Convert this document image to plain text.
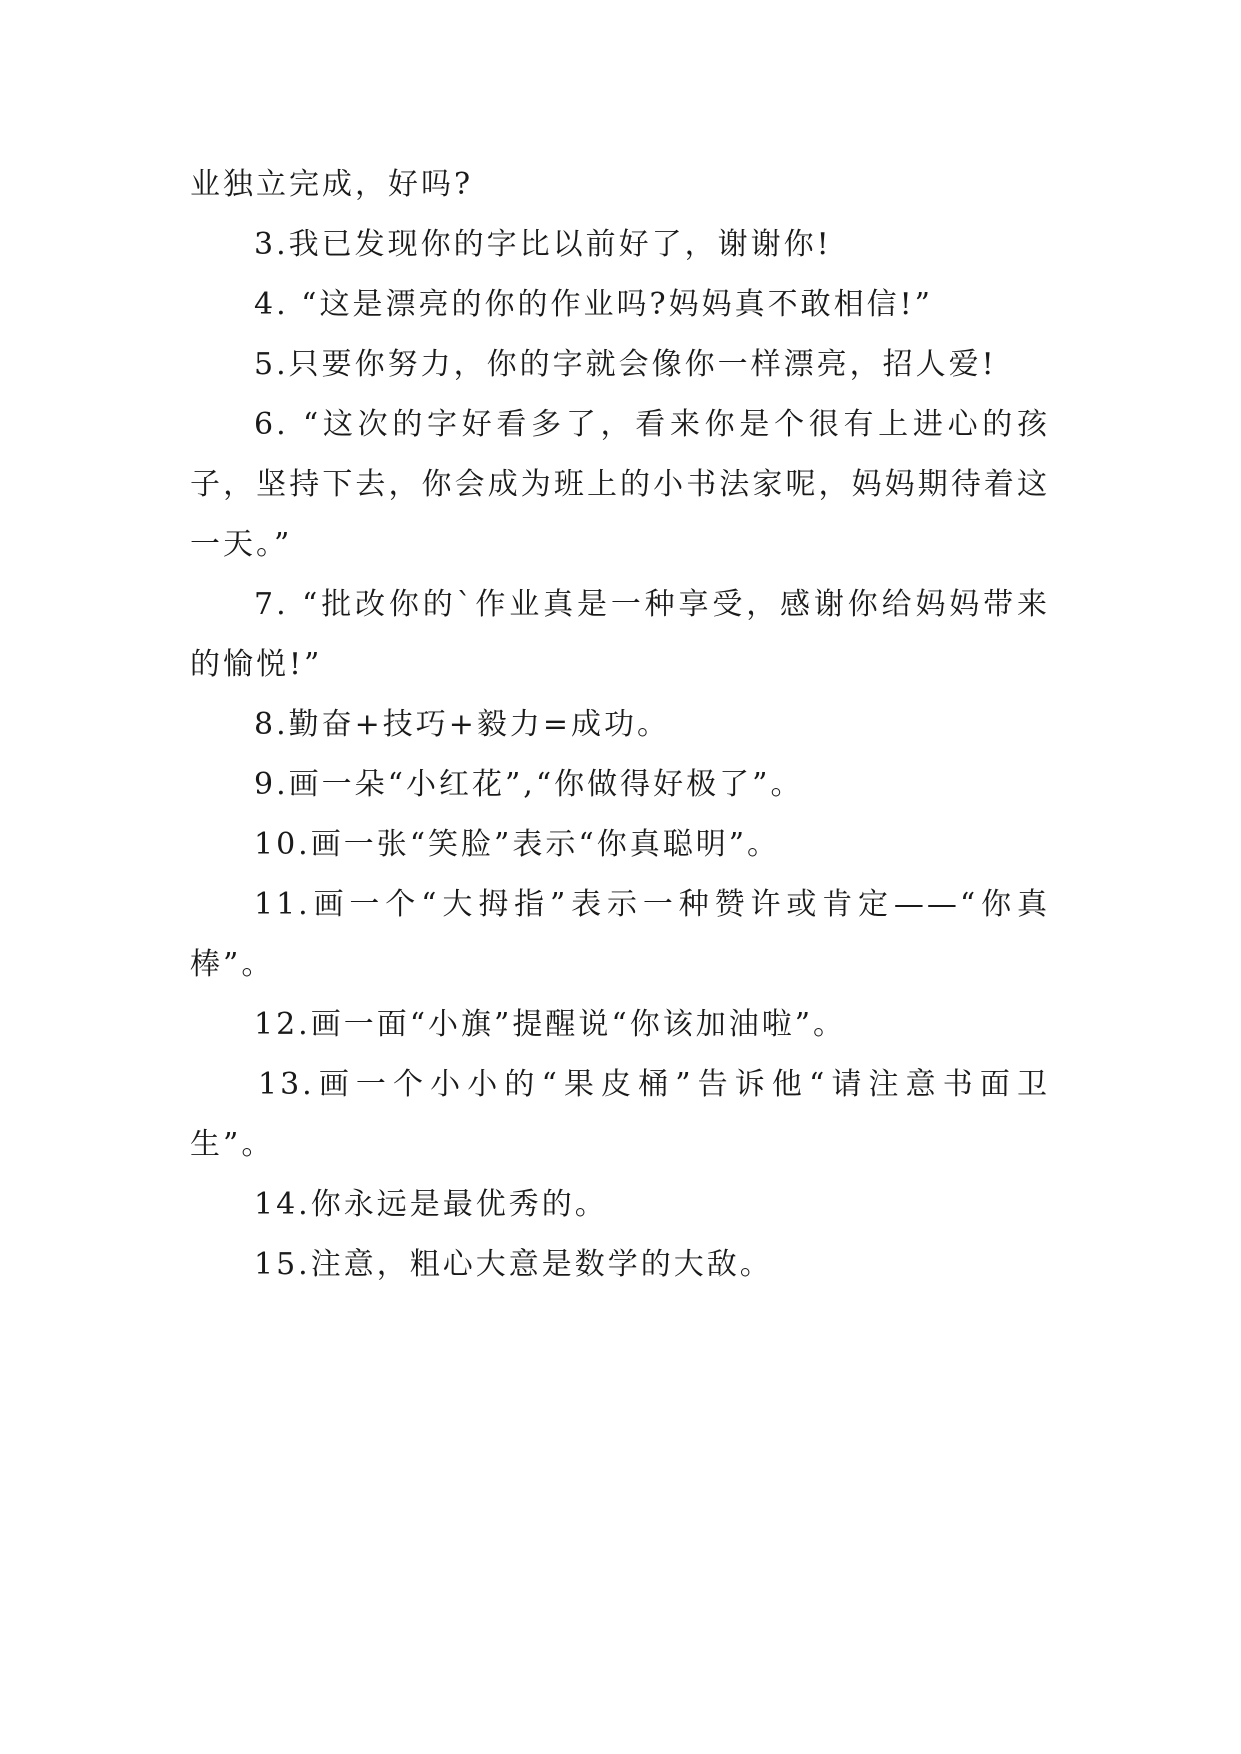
业独立完成，好吗?
3.我已发现你的字比以前好了，谢谢你!
4. “这是漂亮的你的作业吗?妈妈真不敢相信!”
5.只要你努力，你的字就会像你一样漂亮，招人爱!
6. “这次的字好看多了，看来你是个很有上进心的孩
子，坚持下去，你会成为班上的小书法家呢，妈妈期待着这
一天。”
7. “批改你的`作业真是一种享受，感谢你给妈妈带来
的愉悦!”
8.勤奋+技巧+毅力=成功。
9.画一朵“小红花”,“你做得好极了”。
10.画一张“笑脸”表示“你真聪明”。
11.画一个“大拇指”表示一种赞许或肯定——“你真
棒”。
12.画一面“小旗”提醒说“你该加油啦”。
13.画一个小小的“果皮桶”告诉他“请注意书面卫
生”。
14.你永远是最优秀的。
15.注意，粗心大意是数学的大敌。
